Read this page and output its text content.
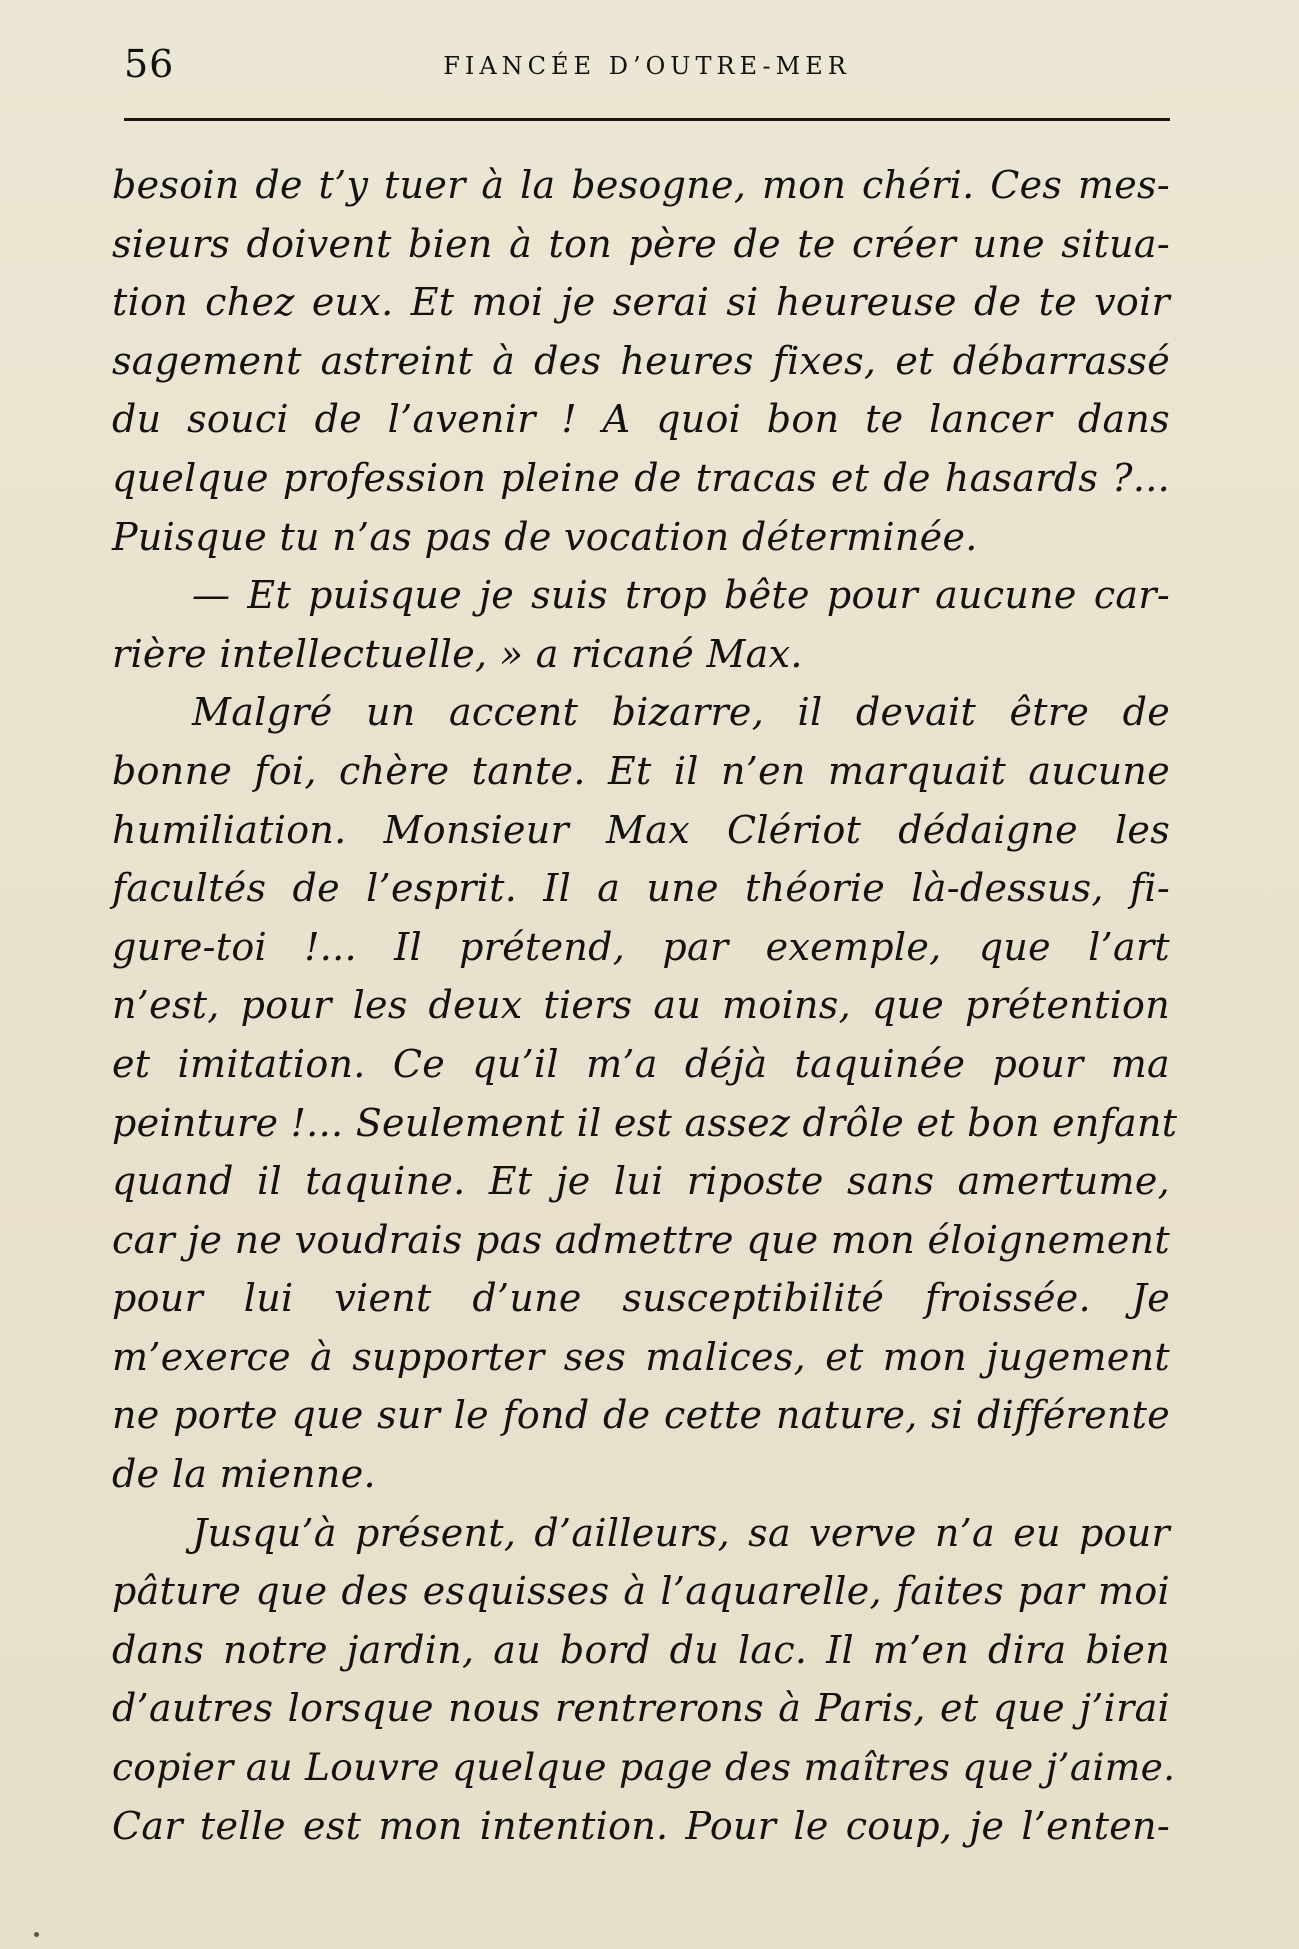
56	FIANCÉE D’OUTRE-MER
besoin de t’y tuer à la besogne, mon chéri. Ces mes-
sieurs doivent bien à ton père de te créer une situa-
tion chez eux. Et moi je serai si heureuse de te voir
sagement astreint à des heures fixes, et débarrassé
du souci de l’avenir ! A quoi bon te lancer dans
quelque profession pleine de tracas et de hasards ?...
Puisque tu n’as pas de vocation déterminée.
— Et puisque je suis trop bête pour aucune car-
rière intellectuelle, » a ricané Max.
Malgré un accent bizarre, il devait être de
bonne foi, chère tante. Et il n’en marquait aucune
humiliation. Monsieur Max Clériot dédaigne les
facultés de l’esprit. Il a une théorie là-dessus, fi-
gure-toi !... Il prétend, par exemple, que l’art
n’est, pour les deux tiers au moins, que prétention
et imitation. Ce qu’il m’a déjà taquinée pour ma
peinture !... Seulement il est assez drôle et bon enfant
quand il taquine. Et je lui riposte sans amertume,
car je ne voudrais pas admettre que mon éloignement
pour lui vient d’une susceptibilité froissée. Je
m’exerce à supporter ses malices, et mon jugement
ne porte que sur le fond de cette nature, si différente
de la mienne.
Jusqu’à présent, d’ailleurs, sa verve n’a eu pour
pâture que des esquisses à l’aquarelle, faites par moi
dans notre jardin, au bord du lac. Il m’en dira bien
d’autres lorsque nous rentrerons à Paris, et que j’irai
copier au Louvre quelque page des maîtres que j’aime.
Car telle est mon intention. Pour le coup, je l’enten-
